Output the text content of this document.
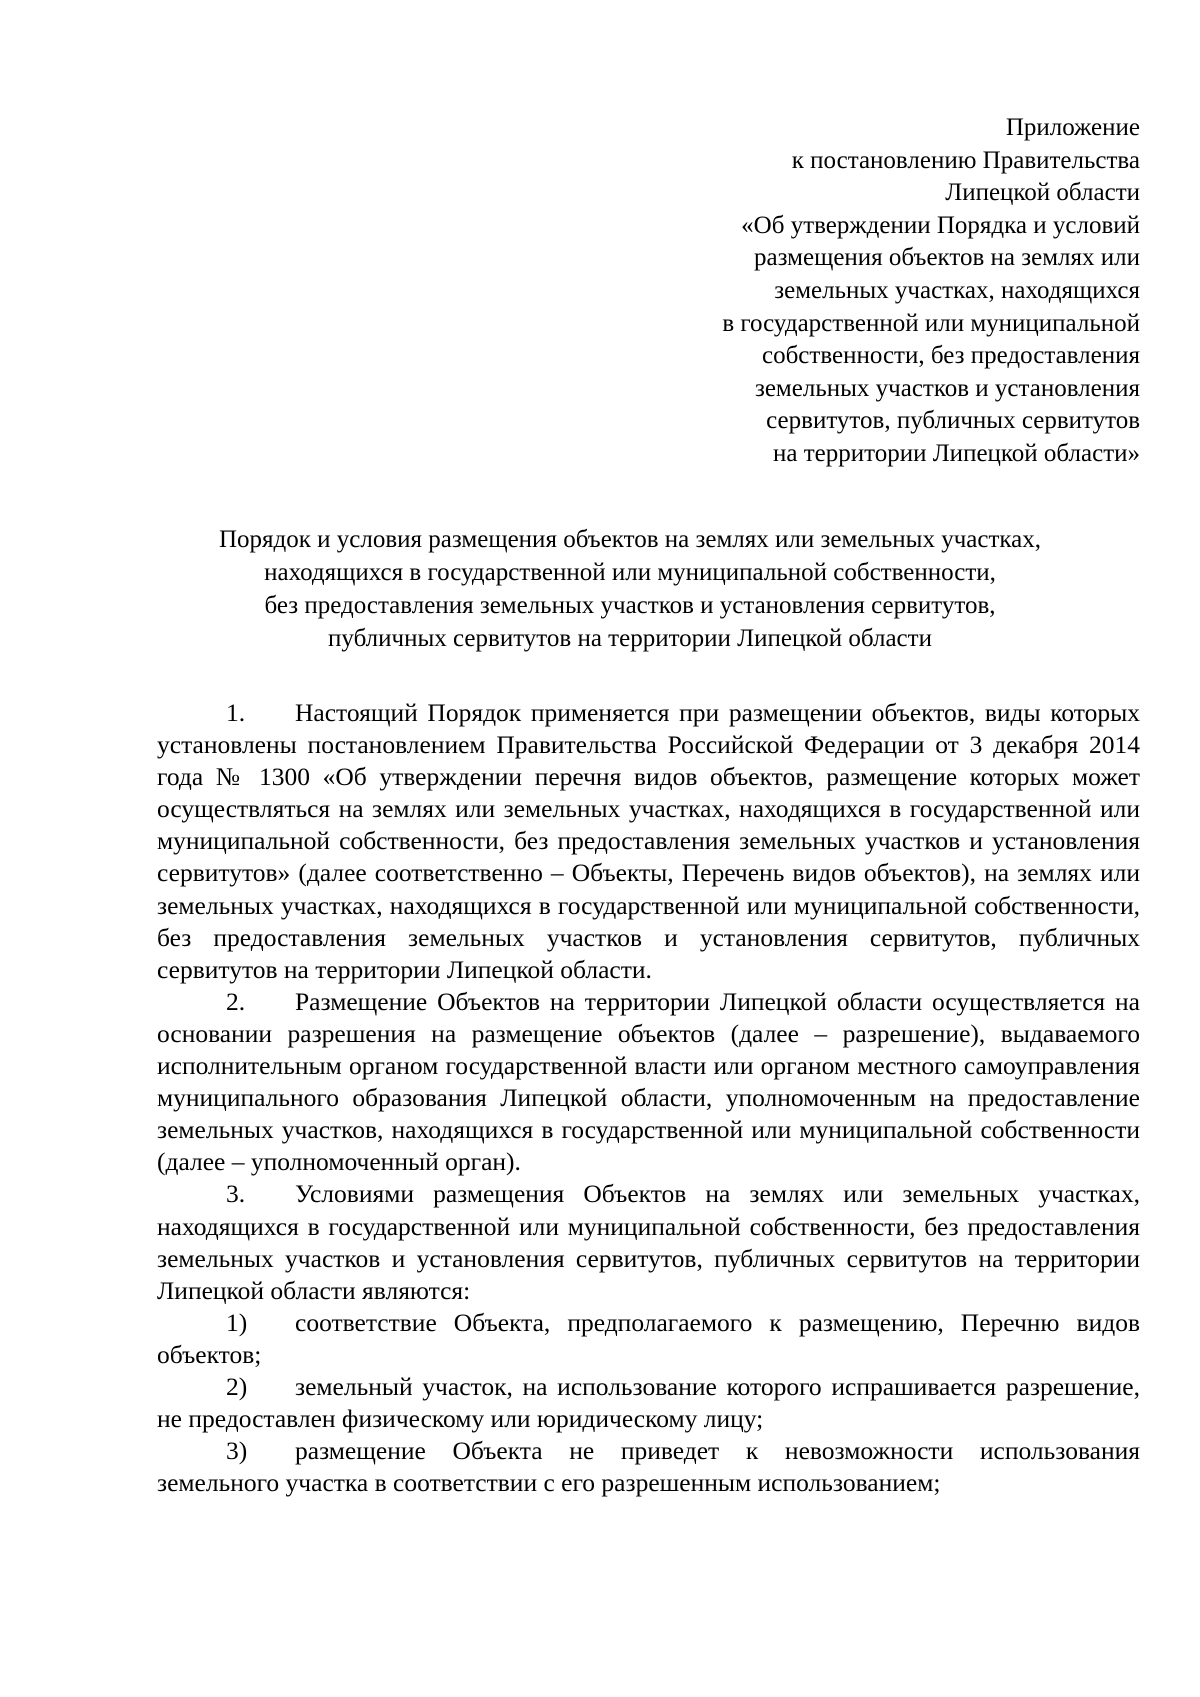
Приложение
к постановлению Правительства
Липецкой области
«Об утверждении Порядка и условий
размещения объектов на землях или
земельных участках, находящихся
в государственной или муниципальной
собственности, без предоставления
земельных участков и установления
сервитутов, публичных сервитутов
на территории Липецкой области»
Порядок и условия размещения объектов на землях или земельных участках,
находящихся в государственной или муниципальной собственности,
без предоставления земельных участков и установления сервитутов,
публичных сервитутов на территории Липецкой области

1. Настоящий Порядок применяется при размещении объектов, виды которых установлены постановлением Правительства Российской Федерации от 3 декабря 2014 года № 1300 «Об утверждении перечня видов объектов, размещение которых может осуществляться на землях или земельных участках, находящихся в государственной или муниципальной собственности, без предоставления земельных участков и установления сервитутов» (далее соответственно – Объекты, Перечень видов объектов), на землях или земельных участках, находящихся в государственной или муниципальной собственности, без предоставления земельных участков и установления сервитутов, публичных сервитутов на территории Липецкой области.

2. Размещение Объектов на территории Липецкой области осуществляется на основании разрешения на размещение объектов (далее – разрешение), выдаваемого исполнительным органом государственной власти или органом местного самоуправления муниципального образования Липецкой области, уполномоченным на предоставление земельных участков, находящихся в государственной или муниципальной собственности (далее – уполномоченный орган).

3. Условиями размещения Объектов на землях или земельных участках, находящихся в государственной или муниципальной собственности, без предоставления земельных участков и установления сервитутов, публичных сервитутов на территории Липецкой области являются:

1) соответствие Объекта, предполагаемого к размещению, Перечню видов объектов;

2) земельный участок, на использование которого испрашивается разрешение, не предоставлен физическому или юридическому лицу;

3) размещение Объекта не приведет к невозможности использования земельного участка в соответствии с его разрешенным использованием;
